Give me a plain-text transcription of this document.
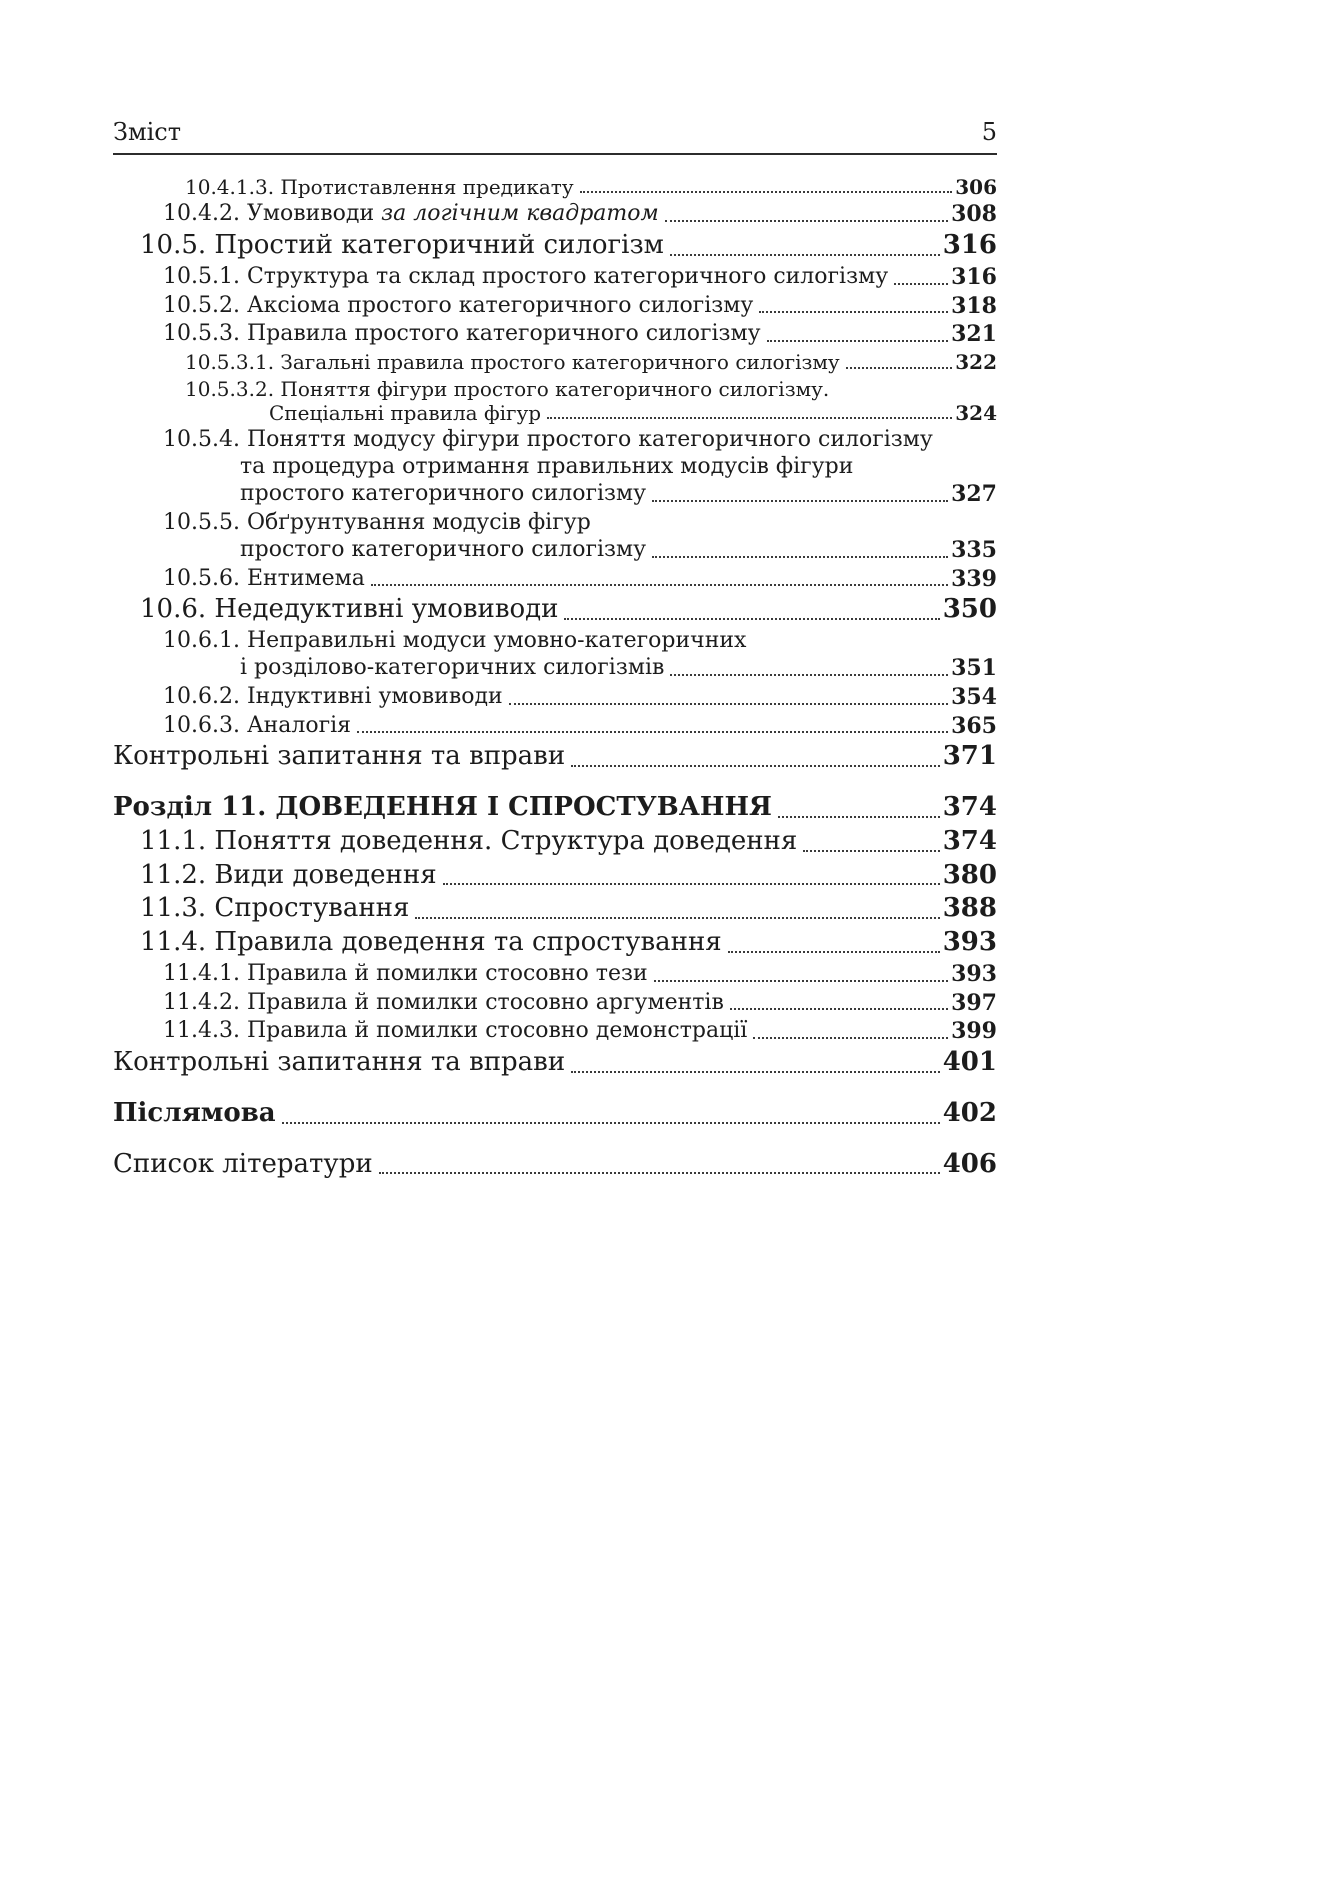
Зміст	5
10.4.1.3. Протиставлення предикату	306
10.4.2. Умовиводи за логічним квадратом	308
10.5. Простий категоричний силогізм	316
10.5.1. Структура та склад простого категоричного силогізму	316
10.5.2. Аксіома простого категоричного силогізму	318
10.5.3. Правила простого категоричного силогізму	321
10.5.3.1. Загальні правила простого категоричного силогізму	322
10.5.3.2. Поняття фігури простого категоричного силогізму.
Спеціальні правила фігур	324
10.5.4. Поняття модусу фігури простого категоричного силогізму
та процедура отримання правильних модусів фігури
простого категоричного силогізму	327
10.5.5. Обґрунтування модусів фігур
простого категоричного силогізму	335
10.5.6. Ентимема	339
10.6. Недедуктивні умовиводи	350
10.6.1. Неправильні модуси умовно-категоричних
і розділово-категоричних силогізмів	351
10.6.2. Індуктивні умовиводи	354
10.6.3. Аналогія	365
Контрольні запитання та вправи	371
Розділ 11. ДОВЕДЕННЯ І СПРОСТУВАННЯ	374
11.1. Поняття доведення. Структура доведення	374
11.2. Види доведення	380
11.3. Спростування	388
11.4. Правила доведення та спростування	393
11.4.1. Правила й помилки стосовно тези	393
11.4.2. Правила й помилки стосовно аргументів	397
11.4.3. Правила й помилки стосовно демонстрації	399
Контрольні запитання та вправи	401
Післямова	402
Список літератури	406
